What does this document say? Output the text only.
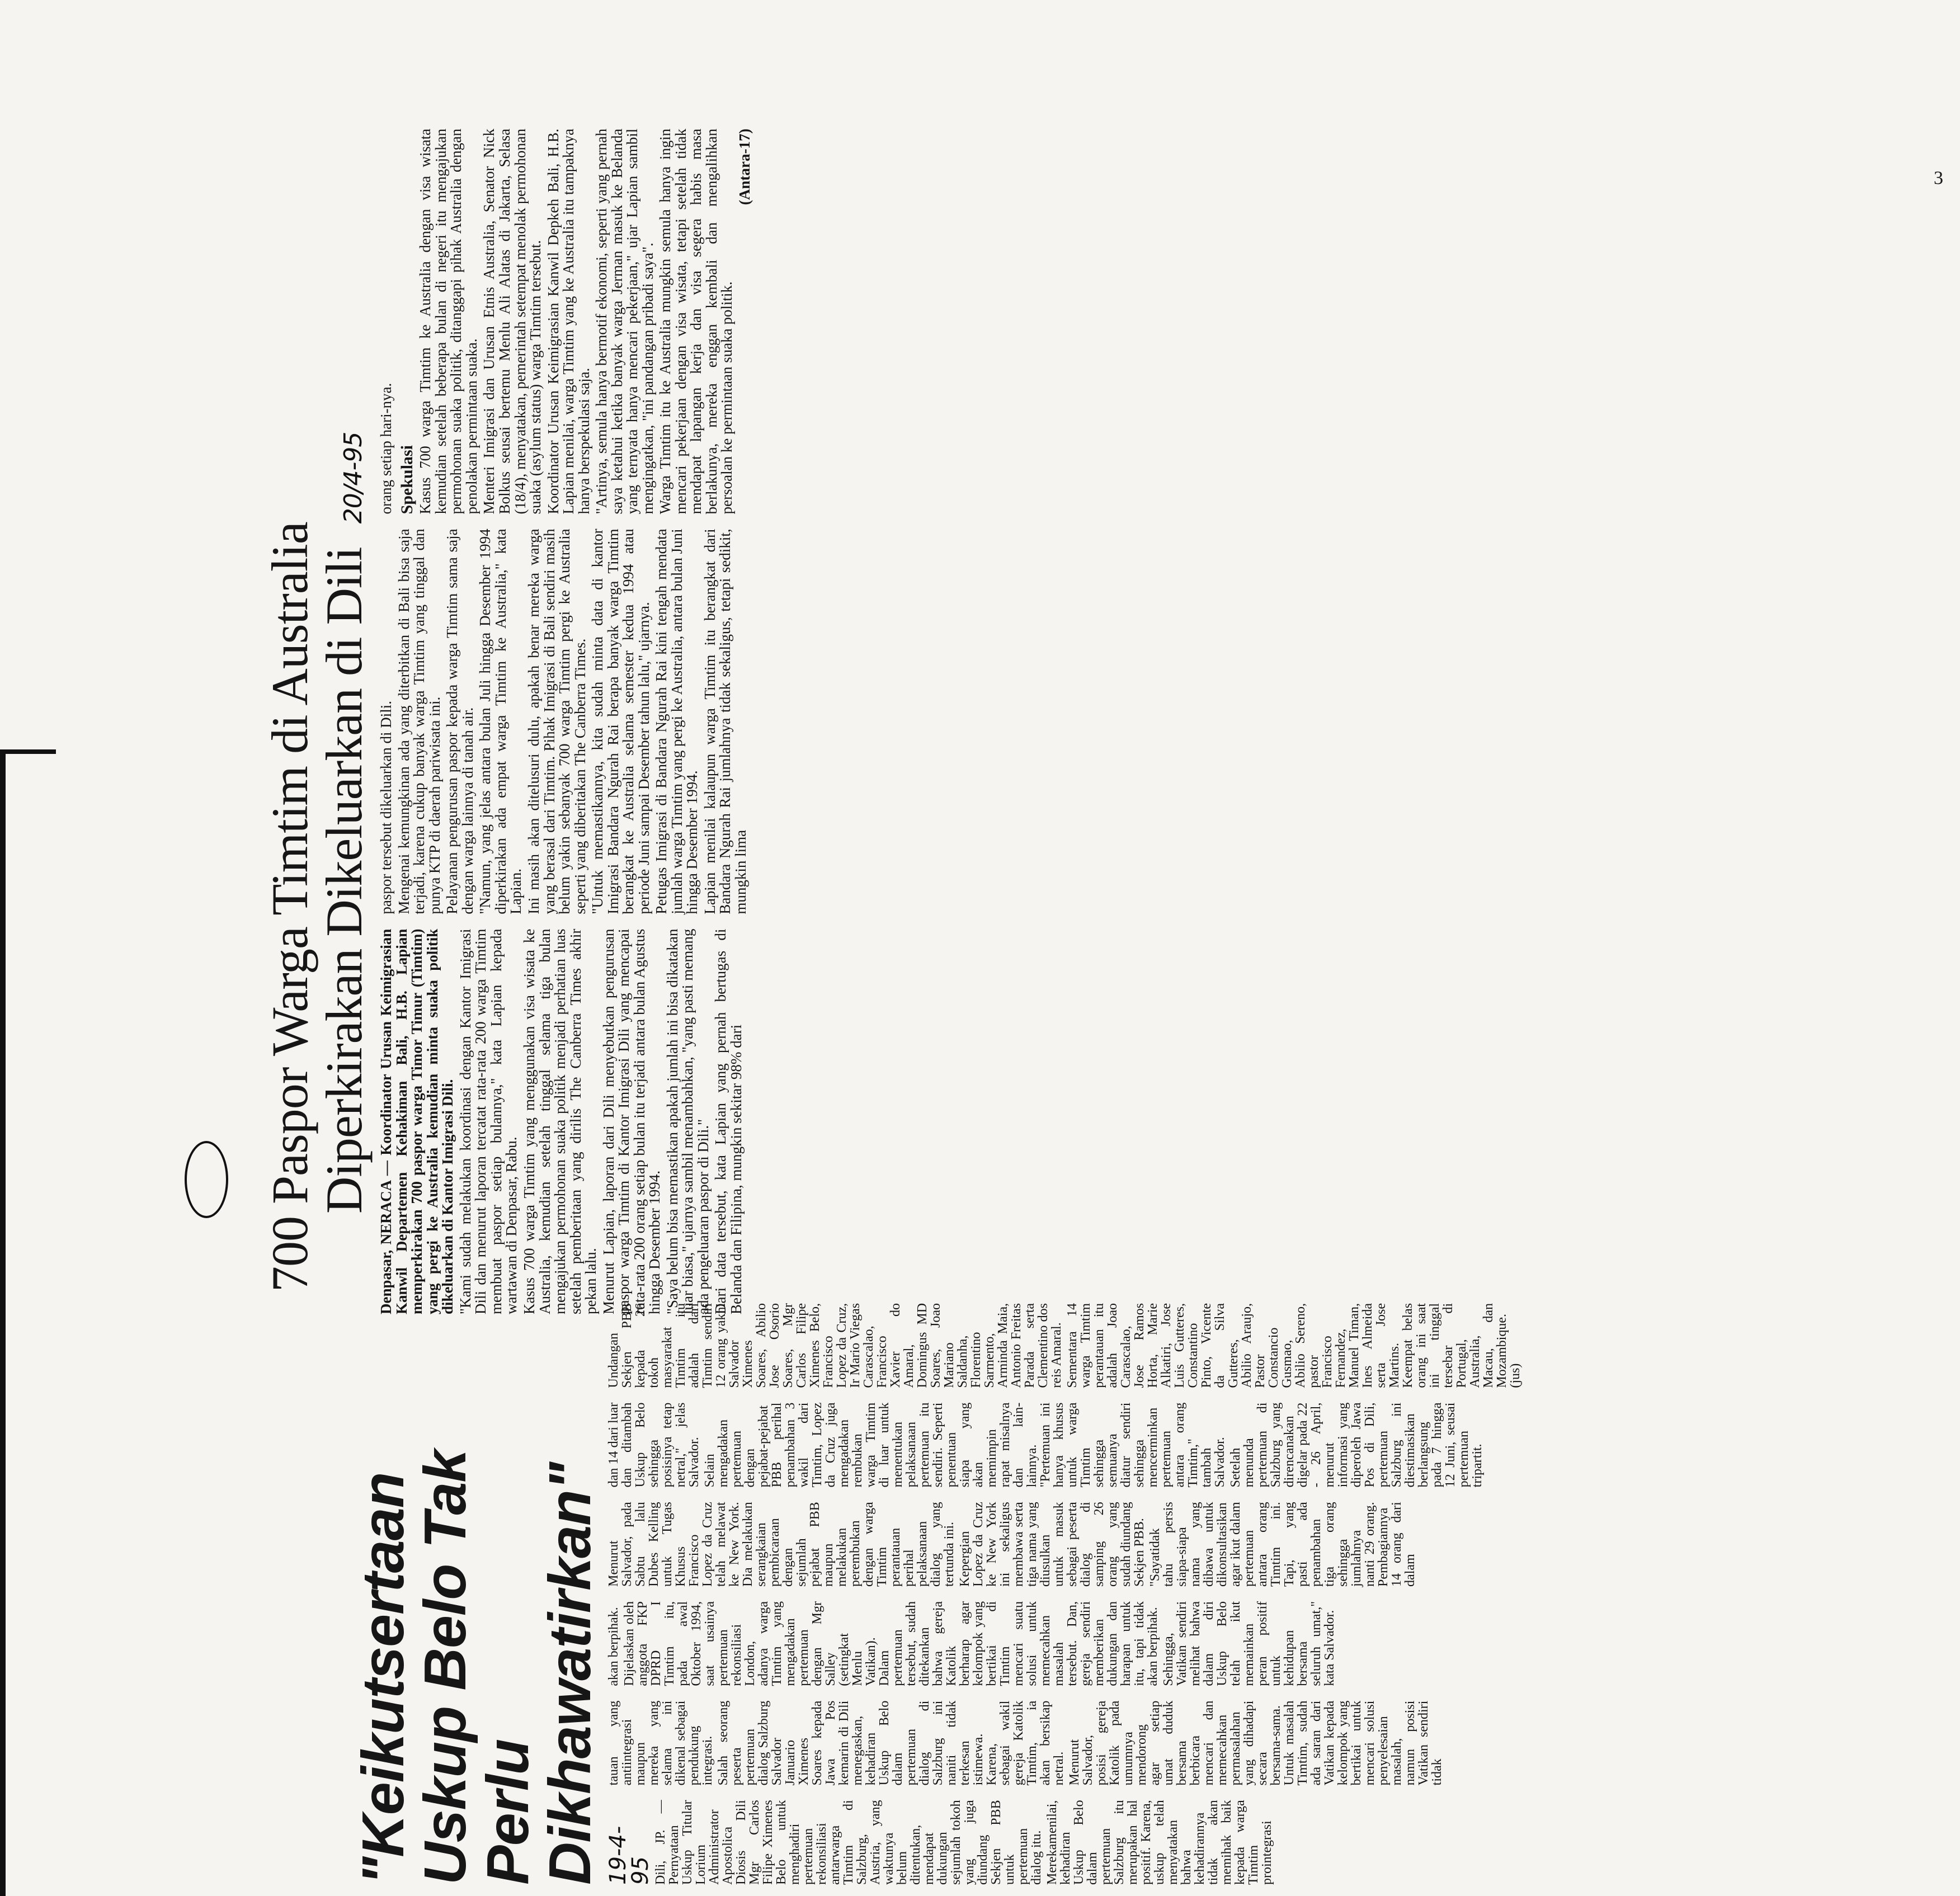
3
700 Paspor Warga Timtim di Australia
Diperkirakan Dikeluarkan di Dili 20/4-95

Denpasar, NERACA — Koordinator Urusan Keimigrasian Kanwil Departemen Kehakiman Bali, H.B. Lapian memperkirakan 700 paspor warga Timor Timur (Timtim) yang pergi ke Australia kemudian minta suaka politik dikeluarkan di Kantor Imigrasi Dili. "Kami sudah melakukan koordinasi dengan Kantor Imigrasi Dili dan menurut laporan tercatat rata-rata 200 warga Timtim membuat paspor setiap bulannya," kata Lapian kepada wartawan di Denpasar, Rabu. Kasus 700 warga Timtim yang menggunakan visa wisata ke Australia, kemudian setelah tinggal selama tiga bulan mengajukan permohonan suaka politik menjadi perhatian luas setelah pemberitaan yang dirilis The Canberra Times akhir pekan lalu. Menurut Lapian, laporan dari Dili menyebutkan pengurusan paspor warga Timtim di Kantor Imigrasi Dili yang mencapai rata-rata 200 orang setiap bulan itu terjadi antara bulan Agustus hingga Desember 1994. "Saya belum bisa memastikan apakah jumlah ini bisa dikatakan luar biasa," ujarnya sambil menambahkan, "yang pasti memang ada pengeluaran paspor di Dili." Dari data tersebut, kata Lapian yang pernah bertugas di Belanda dan Filipina, mungkin sekitar 98% dari

paspor tersebut dikeluarkan di Dili. Mengenai kemungkinan ada yang diterbitkan di Bali bisa saja terjadi, karena cukup banyak warga Timtim yang tinggal dan punya KTP di daerah pariwisata ini. Pelayanan pengurusan paspor kepada warga Timtim sama saja dengan warga lainnya di tanah air. "Namun, yang jelas antara bulan Juli hingga Desember 1994 diperkirakan ada empat warga Timtim ke Australia," kata Lapian. Ini masih akan ditelusuri dulu, apakah benar mereka warga yang berasal dari Timtim. Pihak Imigrasi di Bali sendiri masih belum yakin sebanyak 700 warga Timtim pergi ke Australia seperti yang diberitakan The Canberra Times. "Untuk memastikannya, kita sudah minta data di kantor Imigrasi Bandara Ngurah Rai berapa banyak warga Timtim berangkat ke Australia selama semester kedua 1994 atau periode Juni sampai Desember tahun lalu," ujarnya. Petugas Imigrasi di Bandara Ngurah Rai kini tengah mendata jumlah warga Timtim yang pergi ke Australia, antara bulan Juni hingga Desember 1994. Lapian menilai kalaupun warga Timtim itu berangkat dari Bandara Ngurah Rai jumlahnya tidak sekaligus, tetapi sedikit, mungkin lima

orang setiap hari-nya. Spekulasi Kasus 700 warga Timtim ke Australia dengan visa wisata kemudian setelah beberapa bulan di negeri itu mengajukan permohonan suaka politik, ditanggapi pihak Australia dengan penolakan permintaan suaka. Menteri Imigrasi dan Urusan Etnis Australia, Senator Nick Bolkus seusai bertemu Menlu Ali Alatas di Jakarta, Selasa (18/4), menyatakan, pemerintah setempat menolak permohonan suaka (asylum status) warga Timtim tersebut. Koordinator Urusan Keimigrasian Kanwil Depkeh Bali, H.B. Lapian menilai, warga Timtim yang ke Australia itu tampaknya hanya berspekulasi saja. "Artinya, semula hanya bermotif ekonomi, seperti yang pernah saya ketahui ketika banyak warga Jerman masuk ke Belanda yang ternyata hanya mencari pekerjaan," ujar Lapian sambil mengingatkan, "ini pandangan pribadi saya". Warga Timtim itu ke Australia mungkin semula hanya ingin mencari pekerjaan dengan visa wisata, tetapi setelah tidak mendapat lapangan kerja dan visa segera habis masa berlakunya, mereka enggan kembali dan mengalihkan persoalan ke permintaan suaka politik.

(Antara-17)

"Keikutsertaan Uskup Belo Tak Perlu Dikhawatirkan" 19-4-95 Dili, JP. — Pernyataan Uskup Titular Lorium Administrator Apostolica Diosis Dili Mgr Carlos Filipe Ximenes Belo untuk menghadiri pertemuan rekonsiliasi antarwarga Timtim di Salzburg, Austria, yang waktunya belum ditentukan, mendapat dukungan sejumlah tokoh yang juga diundang Sekjen PBB untuk pertemuan dialog itu. Merekamenilai, kehadiran Uskup Belo dalam pertemuan Salzburg itu merupakan hal positif. Karena, uskup telah menyatakan bahwa kehadirannya tidak akan memihak baik kepada warga Timtim prointegrasi

tauan yang antiintegrasi maupun mereka yang selama ini dikenal sebagai pendukung integrasi. Salah seorang peserta pertemuan dialog Salzburg Salvador Januario Ximenes Soares kepada Jawa Pos kemarin di Dili menegaskan, kehadiran Uskup Belo dalam pertemuan dialog di Salzburg ini naniti tidak terkesan istimewa. Karena, sebagai wakil gereja Katolik Timtim, ia akan bersikap netral. Menurut Salvador, posisi gereja Katolik pada umumnya mendorong agar setiap umat duduk bersama berbicara mencari dan memecahkan permasalahan yang dihadapi secara bersama-sama. Untuk masalah Timtim, sudah ada saran dari Vatikan kepada kelompok yang bertikai untuk mencari solusi penyelesaian masalah, namun posisi Vatikan sendiri tidak

akan berpihak. Dijelaskan oleh anggota FKP DPRD I Timtim itu, pada awal Oktober 1994, saat usainya pertemuan rekonsiliasi London, adanya warga Timtim yang mengadakan pertemuan dengan Mgr Salley (setingkat Menlu Vatikan). Dalam pertemuan tersebut, sudah ditekankan bahwa gereja Katolik berharap agar kelompok yang bertikai di Timtim mencari suatu solusi untuk memecahkan masalah tersebut. Dan, gereja sendiri memberikan dukungan dan harapan untuk itu, tapi tidak akan berpihak. Sehingga, Vatikan sendiri melihat bahwa dalam diri Uskup Belo telah ikut memainkan peran positif untuk kehidupan bersama seluruh umat," kata Salvador.

Menurut Salvador, pada Sabtu lalu Dubes Kelling untuk Tugas Khusus Francisco Lopez da Cruz telah melawat ke New York. Dia melakukan serangkaian pembicaraan dengan sejumlah pejabat PBB maupun melakukan perembukan dengan warga Timtim perantauan perihal pelaksanaan dialog yang tertunda ini. Kepergian Lopez da Cruz ke New York ini sekaligus membawa serta tiga nama yang diusulkan untuk masuk sebagai peserta dialog di samping 26 orang yang sudah diundang Sekjen PBB. "Sayatidak tahu persis siapa-siapa nama yang dibawa untuk dikonsultasikan agar ikut dalam pertemuan antara orang Timtim ini. Tapi, yang pasti ada penambahan tiga orang sehingga jumlahnya nanti 29 orang. Pembagiannya 14 orang dari dalam

dan 14 dari luar dan ditambah Uskup Belo sehingga posisinya tetap netral," jelas Salvador. Selain mengadakan pertemuan dengan pejabat-pejabat PBB perihal penambahan 3 wakil dari Timtim, Lopez da Cruz juga mengadakan rembukan warga Timtim di luar untuk menentukan pelaksanaan pertemuan itu sendiri. Seperti penentuan siapa yang akan memimpin rapat misalnya dan lain-lainnya. "Pertemuan ini hanya khusus untuk warga Timtim sehingga semuanya diatur sendiri sehingga mencerminkan pertemuan antara orang Timtim," tambah Salvador. Setelah menunda pertemuan di Salzburg yang direncanakan digelar pada 22 - 26 April, menurut informasi yang diperoleh Jawa Pos di Dili, pertemuan Salzburg ini diestimasikan berlangsung pada 7 hingga 12 Juni, seusai pertemuan tripartit.

Undangan Sekjen PBB kepada 26 tokoh masyarakat Timtim itu adalah dari Timtim sendiri 12 orang yakni Salvador Ximenes Soares, Abilio Jose Osorio Soares, Mgr Carlos Filipe Ximenes Belo, Francisco Lopez da Cruz, Ir Mario Viegas Carascalao, Francisco Xavier do Amaral, Domingus MD Soares, Joao Mariano Saldanha, Florentino Sarmento, Arminda Maia, Antonio Freitas Parada serta Clementino dos reis Amaral. Sementara 14 warga Timtim perantauan itu adalah Joao Carascalao, Jose Ramos Horta, Marie Alkatiri, Jose Luis Gutteres, Constantino Pinto, Vicente da Silva Gutteres, Abilio Araujo, Pastor Constancio Gusmao, Abilio Sereno, pastor Francisco Fernandez, Manuel Timan, Ines Almeida serta Jose Martins. Keempat belas orang ini saat ini tinggal tersebar di Portugal, Australia, Macau, dan Mozambique. (jus)
